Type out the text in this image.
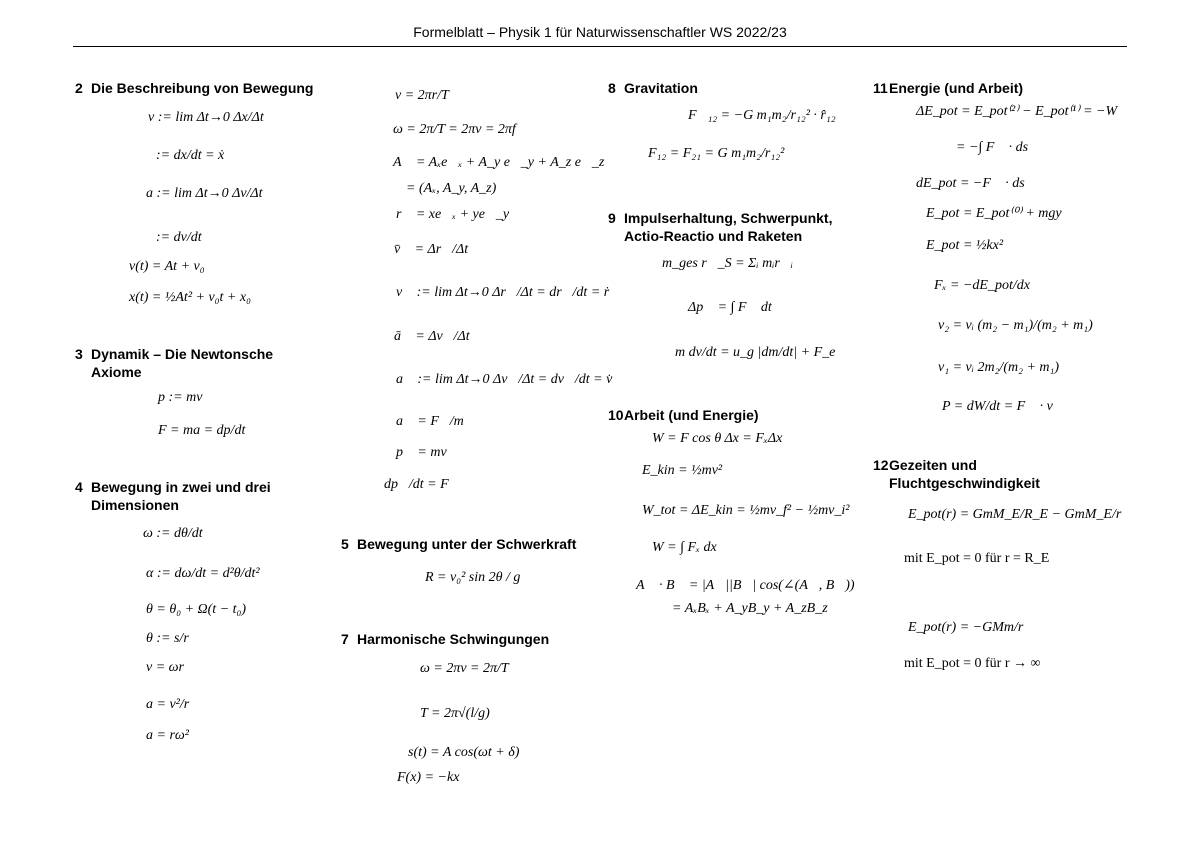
Formelblatt – Physik 1 für Naturwissenschaftler WS 2022/23
2 Die Beschreibung von Bewegung
v := lim Δt→0 Δx/Δt
:= dx/dt = ẋ
a := lim Δt→0 Δv/Δt
:= dv/dt
v(t) = At + v₀
x(t) = ½At² + v₀t + x₀
3 Dynamik – Die Newtonsche
Axiome
p := mv
F = ma = dp/dt
4 Bewegung in zwei und drei
Dimensionen
ω := dθ/dt
α := dω/dt = d²θ/dt²
θ = θ₀ + Ω(t − t₀)
θ := s/r
v = ωr
a = v²/r
a = rω²
v = 2πr/T
ω = 2π/T = 2πν = 2πf
A⃗ = Aₓe⃗ₓ + A_y e⃗_y + A_z e⃗_z
= (Aₓ, A_y, A_z)
r⃗ = xe⃗ₓ + ye⃗_y
v̄⃗ = Δr⃗/Δt
v⃗ := lim Δt→0 Δr⃗/Δt = dr⃗/dt = ṙ
ā⃗ = Δv⃗/Δt
a⃗ := lim Δt→0 Δv⃗/Δt = dv⃗/dt = v̇
a⃗ = F⃗/m
p⃗ = mv⃗
dp⃗/dt = F⃗
5 Bewegung unter der Schwerkraft
R = v₀² sin 2θ / g
7 Harmonische Schwingungen
ω = 2πν = 2π/T
T = 2π√(l/g)
s(t) = A cos(ωt + δ)
F(x) = −kx
8 Gravitation
F⃗₁₂ = −G m₁m₂/r₁₂² · r̂₁₂
F₁₂ = F₂₁ = G m₁m₂/r₁₂²
9 Impulserhaltung, Schwerpunkt,
Actio-Reactio und Raketen
m_ges r⃗_S = Σᵢ mᵢr⃗ᵢ
Δp⃗ = ∫ F⃗ dt
m dv/dt = u_g |dm/dt| + F_e
10Arbeit (und Energie)
W = F cos θ Δx = FₓΔx
E_kin = ½mv²
W_tot = ΔE_kin = ½mv_f² − ½mv_i²
W = ∫ Fₓ dx
A⃗ · B⃗ = |A⃗||B⃗| cos(∠(A⃗, B⃗))
= AₓBₓ + A_yB_y + A_zB_z
11Energie (und Arbeit)
ΔE_pot = E_pot⁽²⁾ − E_pot⁽¹⁾ = −W
= −∫ F⃗ · ds⃗
dE_pot = −F⃗ · ds⃗
E_pot = E_pot⁽⁰⁾ + mgy
E_pot = ½kx²
Fₓ = −dE_pot/dx
v₂ = vᵢ (m₂ − m₁)/(m₂ + m₁)
v₁ = vᵢ 2m₂/(m₂ + m₁)
P = dW/dt = F⃗ · v⃗
12Gezeiten und
Fluchtgeschwindigkeit
E_pot(r) = GmM_E/R_E − GmM_E/r
mit E_pot = 0 für r = R_E
E_pot(r) = −GMm/r
mit E_pot = 0 für r → ∞
